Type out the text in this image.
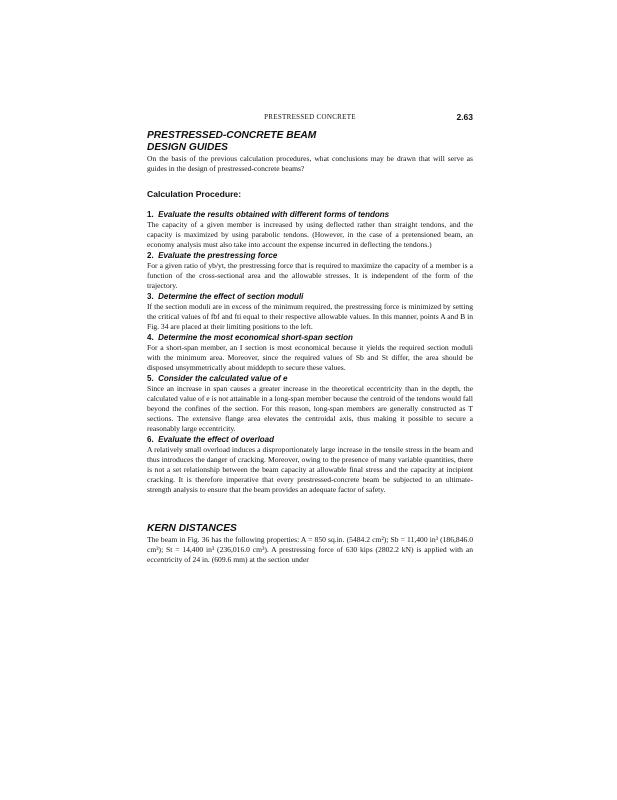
PRESTRESSED CONCRETE	2.63
PRESTRESSED-CONCRETE BEAM
DESIGN GUIDES

On the basis of the previous calculation procedures, what conclusions may be drawn that will serve as guides in the design of prestressed-concrete beams?

Calculation Procedure:
1. Evaluate the results obtained with different forms of tendons

The capacity of a given member is increased by using deflected rather than straight tendons, and the capacity is maximized by using parabolic tendons. (However, in the case of a pretensioned beam, an economy analysis must also take into account the expense incurred in deflecting the tendons.)

2. Evaluate the prestressing force

For a given ratio of yb/yt, the prestressing force that is required to maximize the capacity of a member is a function of the cross-sectional area and the allowable stresses. It is independent of the form of the trajectory.

3. Determine the effect of section moduli

If the section moduli are in excess of the minimum required, the prestressing force is minimized by setting the critical values of fbf and fti equal to their respective allowable values. In this manner, points A and B in Fig. 34 are placed at their limiting positions to the left.

4. Determine the most economical short-span section

For a short-span member, an I section is most economical because it yields the required section moduli with the minimum area. Moreover, since the required values of Sb and St differ, the area should be disposed unsymmetrically about middepth to secure these values.

5. Consider the calculated value of e

Since an increase in span causes a greater increase in the theoretical eccentricity than in the depth, the calculated value of e is not attainable in a long-span member because the centroid of the tendons would fall beyond the confines of the section. For this reason, long-span members are generally constructed as T sections. The extensive flange area elevates the centroidal axis, thus making it possible to secure a reasonably large eccentricity.

6. Evaluate the effect of overload

A relatively small overload induces a disproportionately large increase in the tensile stress in the beam and thus introduces the danger of cracking. Moreover, owing to the presence of many variable quantities, there is not a set relationship between the beam capacity at allowable final stress and the capacity at incipient cracking. It is therefore imperative that every prestressed-concrete beam be subjected to an ultimate-strength analysis to ensure that the beam provides an adequate factor of safety.

KERN DISTANCES

The beam in Fig. 36 has the following properties: A = 850 sq.in. (5484.2 cm²); Sb = 11,400 in³ (186,846.0 cm³); St = 14,400 in³ (236,016.0 cm³). A prestressing force of 630 kips (2802.2 kN) is applied with an eccentricity of 24 in. (609.6 mm) at the section under
